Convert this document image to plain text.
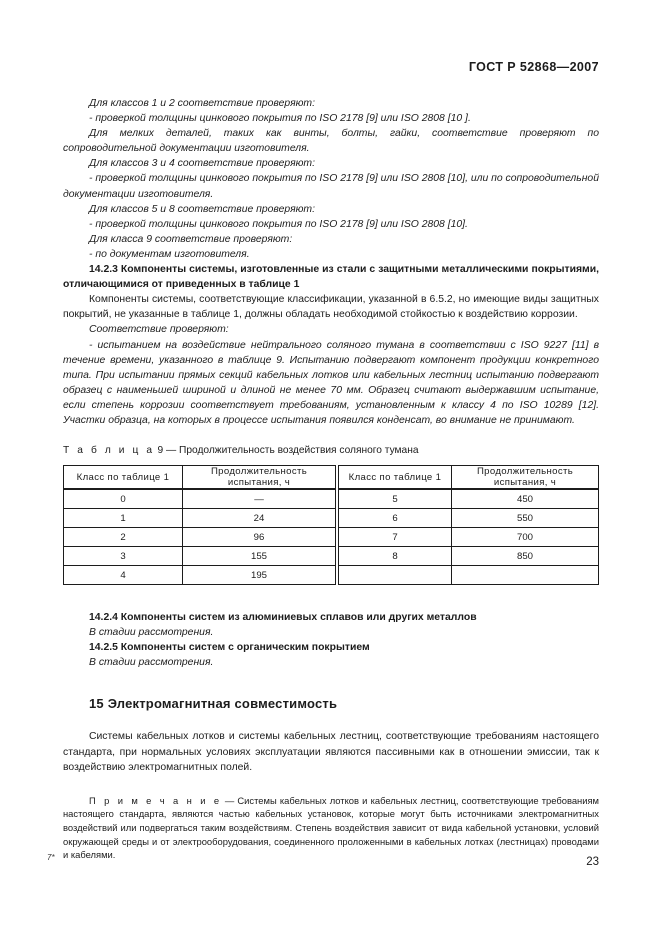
ГОСТ Р 52868—2007

Для классов 1 и 2 соответствие проверяют:

- проверкой толщины цинкового покрытия по ISO 2178 [9] или ISO 2808 [10 ].

Для мелких деталей, таких как винты, болты, гайки, соответствие проверяют по сопроводительной документации изготовителя.

Для классов 3 и 4 соответствие проверяют:

- проверкой толщины цинкового покрытия по ISO 2178 [9] или ISO 2808 [10], или по сопроводительной документации изготовителя.

Для классов 5 и 8 соответствие проверяют:

- проверкой толщины цинкового покрытия по ISO 2178 [9] или ISO 2808 [10].

Для класса 9 соответствие проверяют:

- по документам изготовителя.

14.2.3 Компоненты системы, изготовленные из стали с защитными металлическими покрытиями, отличающимися от приведенных в таблице 1

Компоненты системы, соответствующие классификации, указанной в 6.5.2, но имеющие виды защитных покрытий, не указанные в таблице 1, должны обладать необходимой стойкостью к воздействию коррозии.

Соответствие проверяют:

- испытанием на воздействие нейтрального соляного тумана в соответствии с ISO 9227 [11] в течение времени, указанного в таблице 9. Испытанию подвергают компонент продукции конкретного типа. При испытании прямых секций кабельных лотков или кабельных лестниц испытанию подвергают образец с наименьшей шириной и длиной не менее 70 мм. Образец считают выдержавшим испытание, если степень коррозии соответствует требованиям, установленным к классу 4 по ISO 10289 [12]. Участки образца, на которых в процессе испытания появился конденсат, во внимание не принимают.

Т а б л и ц а 9 — Продолжительность воздействия соляного тумана

Класс по таблице 1	Продолжительность испытания, ч
0	—
1	24
2	96
3	155
4	195
Класс по таблице 1	Продолжительность испытания, ч
5	450
6	550
7	700
8	850

14.2.4 Компоненты систем из алюминиевых сплавов или других металлов

В стадии рассмотрения.

14.2.5 Компоненты систем с органическим покрытием

В стадии рассмотрения.

15 Электромагнитная совместимость

Системы кабельных лотков и системы кабельных лестниц, соответствующие требованиям настоящего стандарта, при нормальных условиях эксплуатации являются пассивными как в отношении эмиссии, так к воздействию электромагнитных полей.

П р и м е ч а н и е — Системы кабельных лотков и кабельных лестниц, соответствующие требованиям настоящего стандарта, являются частью кабельных установок, которые могут быть источниками электромагнитных воздействий или подвергаться таким воздействиям. Степень воздействия зависит от вида кабельной установки, условий окружающей среды и от электрооборудования, соединенного проложенными в кабельных лотках (лестницах) проводами и кабелями.

7*	23
